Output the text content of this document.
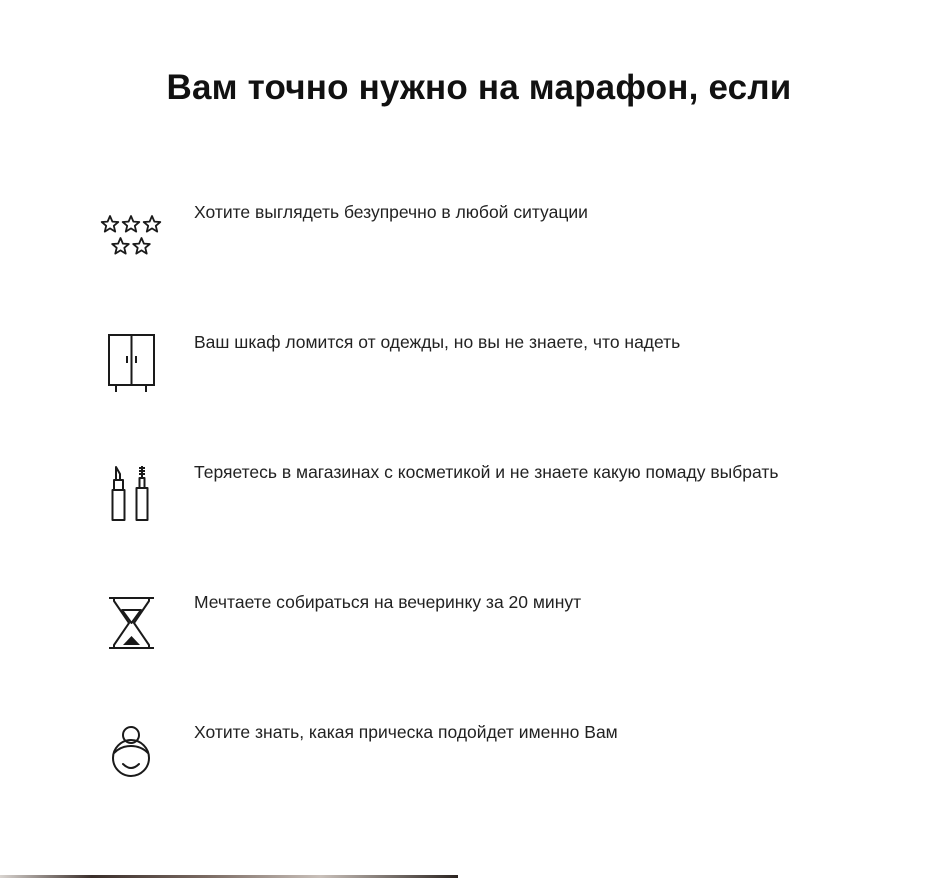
Вам точно нужно на марафон, если
Хотите выглядеть безупречно в любой ситуации
Ваш шкаф ломится от одежды, но вы не знаете, что надеть
Теряетесь в магазинах с косметикой и не знаете какую помаду выбрать
Мечтаете собираться на вечеринку за 20 минут
Хотите знать, какая прическа подойдет именно Вам
